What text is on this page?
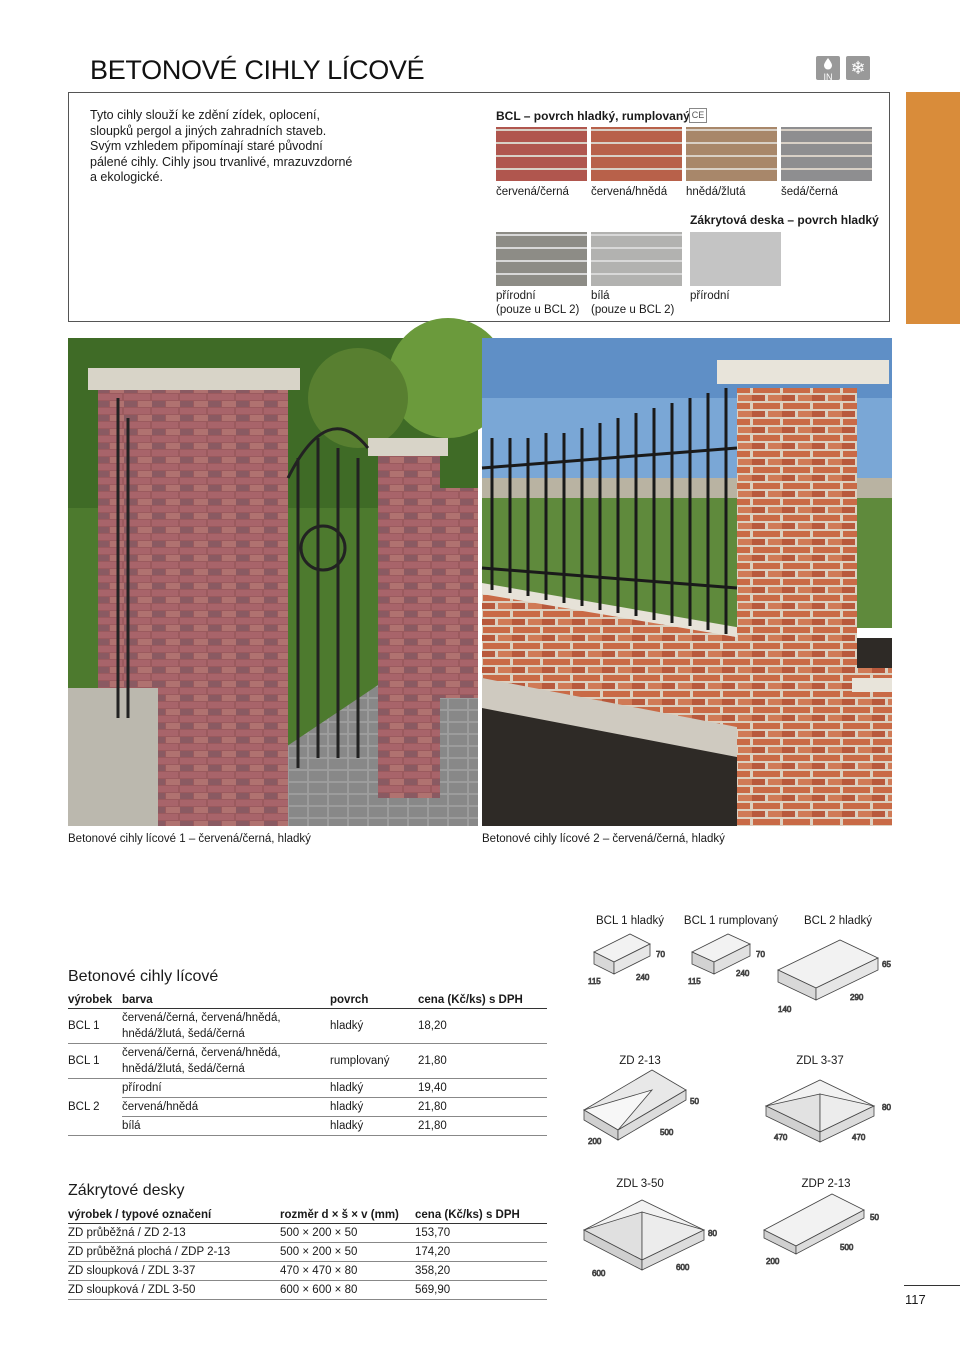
BETONOVÉ CIHLY LÍCOVÉ	IN ❄
Tyto cihly slouží ke zdění zídek, oplocení, sloupků pergol a jiných zahradních staveb. Svým vzhledem připomínají staré původní pálené cihly. Cihly jsou trvanlivé, mrazuvzdorné a ekologické.
BCL – povrch hladký, rumplovaný CE
červená/černá červená/hnědá hnědá/žlutá	šedá/černá
Zákrytová deska – povrch hladký
přírodní
(pouze u BCL 2)
bílá
(pouze u BCL 2)
přírodní
Betonové cihly lícové 1 – červená/černá, hladký	Betonové cihly lícové 2 – červená/černá, hladký
Betonové cihly lícové
výrobek	barva	povrch	cena (Kč/ks) s DPH
BCL 1	červená/černá, červená/hnědá,
hnědá/žlutá, šedá/černá	hladký	18,20
BCL 1	červená/černá, červená/hnědá,
hnědá/žlutá, šedá/černá	rumplovaný	21,80
BCL 2	přírodní	hladký	19,40
	červená/hnědá	hladký	21,80
	bílá	hladký	21,80
Zákrytové desky
výrobek / typové označení	rozměr d × š × v (mm)	cena (Kč/ks) s DPH
ZD průběžná / ZD 2-13	500 × 200 × 50	153,70
ZD průběžná plochá / ZDP 2-13	500 × 200 × 50	174,20
ZD sloupková / ZDL 3-37	470 × 470 × 80	358,20
ZD sloupková / ZDL 3-50	600 × 600 × 80	569,90
BCL 1 hladký	BCL 1 rumplovaný	BCL 2 hladký
ZD 2-13	ZDL 3-37
ZDL 3-50	ZDP 2-13
115	240
70
115
240
70
140
290
65
200
500
50
470	470
80
600
600
80
200
500
50
117
